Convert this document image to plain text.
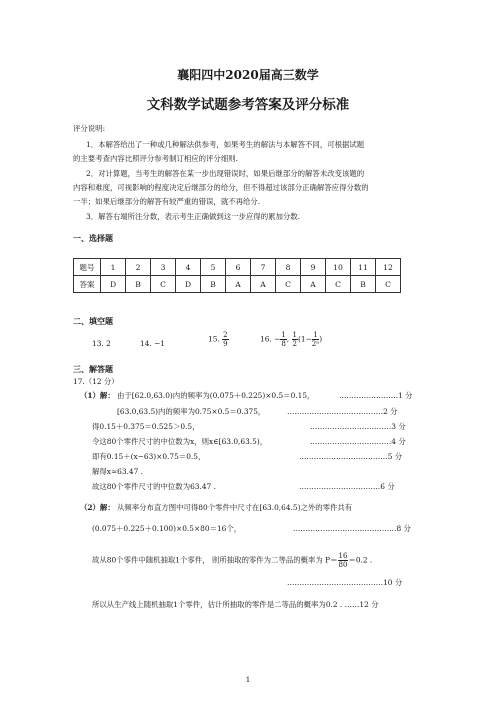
襄阳四中2020届高三数学
文科数学试题参考答案及评分标准
评分说明:
1．本解答给出了一种或几种解法供参考，如果考生的解法与本解答不同，可根据试题
的主要考查内容比照评分参考制订相应的评分细则.
2．对计算题，当考生的解答在某一步出现错误时，如果后继部分的解答未改变该题的
内容和难度，可视影响的程度决定后继部分的给分，但不得超过该部分正确解答应得分数的
一半；如果后继部分的解答有较严重的错误，就不再给分.
3．解答右端所注分数，表示考生正确做到这一步应得的累加分数.
一、选择题
题号	1	2	3	4	5	6	7	8	9	10	11	12
答案	D	B	C	D	B	A	A	C	A	C	B	C
二、填空题
13. 2	14. −1	15. $\frac{2}{9}$	16. − $\frac{1}{8}$ , $\frac{1}{2} (1- \frac{1}{\text{2ⁿ}}$ )
三、解答题
17.（12 分）
（1）解： 由于[62.0,63.0)内的频率为(0.075＋0.225)×0.5＝0.15，	……………………1 分
[63.0,63.5)内的频率为0.75×0.5＝0.375，	…………………………………2 分
得0.15＋0.375＝0.525＞0.5，	……………………………3 分
令这80个零件尺寸的中位数为x，则x∈[63.0,63.5)，	……………………………4 分
即有0.15＋(x−63)×0.75＝0.5，	………………………………5 分
解得x≈63.47 .
故这80个零件尺寸的中位数为63.47 .	……………………………6 分
（2）解： 从频率分布直方图中可得80个零件中尺寸在[63.0,64.5)之外的零件共有
(0.075＋0.225＋0.100)×0.5×80＝16个，	……………………………………8 分
故从80个零件中随机抽取1个零件， 则所抽取的零件为二等品的概率为 $P= \frac{16}{80} =0.2$ .
…………………………………10 分
所以从生产线上随机抽取1个零件，估计所抽取的零件是二等品的概率为0.2 . ……12 分
1
